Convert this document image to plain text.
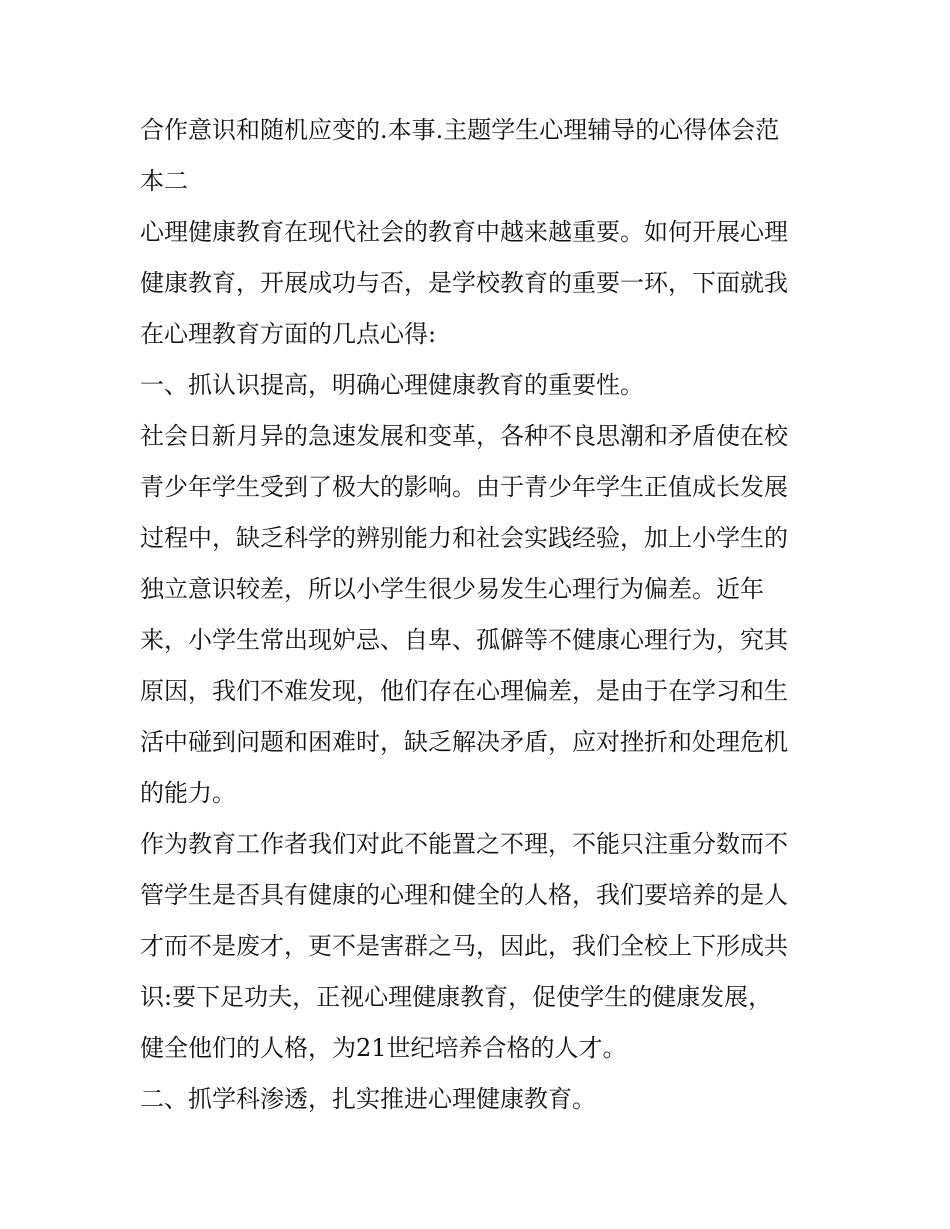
合作意识和随机应变的.本事.主题学生心理辅导的心得体会范
本二
心理健康教育在现代社会的教育中越来越重要。如何开展心理
健康教育，开展成功与否，是学校教育的重要一环，下面就我
在心理教育方面的几点心得:
一、抓认识提高，明确心理健康教育的重要性。
社会日新月异的急速发展和变革，各种不良思潮和矛盾使在校
青少年学生受到了极大的影响。由于青少年学生正值成长发展
过程中，缺乏科学的辨别能力和社会实践经验，加上小学生的
独立意识较差，所以小学生很少易发生心理行为偏差。近年
来，小学生常出现妒忌、自卑、孤僻等不健康心理行为，究其
原因，我们不难发现，他们存在心理偏差，是由于在学习和生
活中碰到问题和困难时，缺乏解决矛盾，应对挫折和处理危机
的能力。
作为教育工作者我们对此不能置之不理，不能只注重分数而不
管学生是否具有健康的心理和健全的人格，我们要培养的是人
才而不是废才，更不是害群之马，因此，我们全校上下形成共
识:要下足功夫，正视心理健康教育，促使学生的健康发展，
健全他们的人格，为21世纪培养合格的人才。
二、抓学科渗透，扎实推进心理健康教育。
